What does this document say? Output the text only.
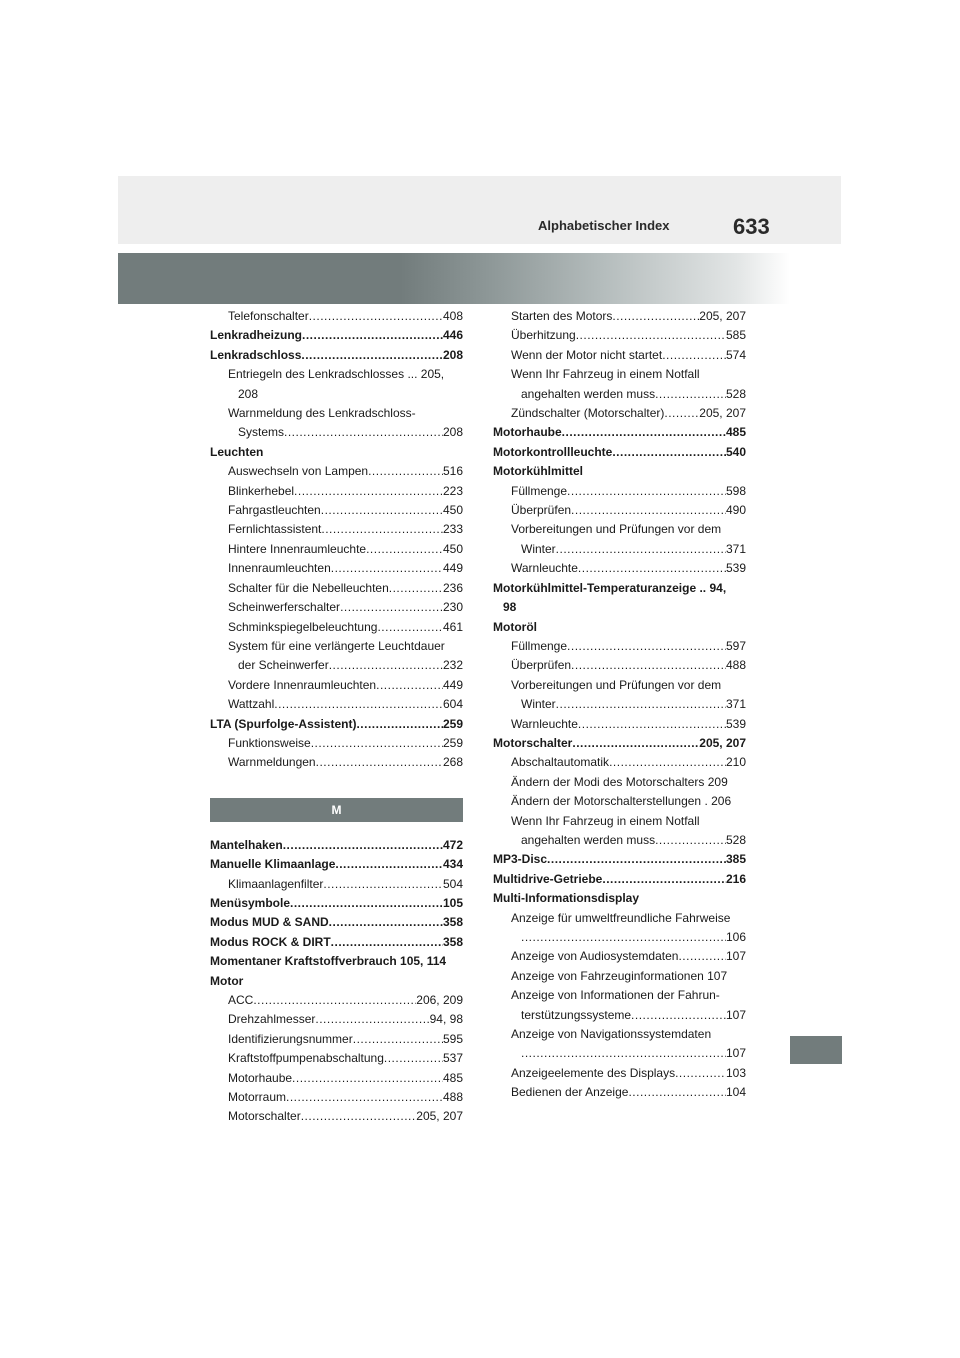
Alphabetischer Index	633
Telefonschalter .....	408
Lenkradheizung .....	446
Lenkradschloss .....	208
Entriegeln des Lenkradschlosses ... 205,
208
Warnmeldung des Lenkradschloss-
Systems .....	208
Leuchten
Auswechseln von Lampen .....	516
Blinkerhebel .....	223
Fahrgastleuchten .....	450
Fernlichtassistent .....	233
Hintere Innenraumleuchte .....	450
Innenraumleuchten .....	449
Schalter für die Nebelleuchten .....	236
Scheinwerferschalter .....	230
Schminkspiegelbeleuchtung .....	461
System für eine verlängerte Leuchtdauer
der Scheinwerfer .....	232
Vordere Innenraumleuchten .....	449
Wattzahl .....	604
LTA (Spurfolge-Assistent) .....	259
Funktionsweise .....	259
Warnmeldungen .....	268
M
Mantelhaken .....	472
Manuelle Klimaanlage .....	434
Klimaanlagenfilter .....	504
Menüsymbole .....	105
Modus MUD & SAND .....	358
Modus ROCK & DIRT .....	358
Momentaner Kraftstoffverbrauch 105, 114
Motor
ACC .....	206, 209
Drehzahlmesser .....	94, 98
Identifizierungsnummer .....	595
Kraftstoffpumpenabschaltung .....	537
Motorhaube .....	485
Motorraum .....	488
Motorschalter .....	205, 207
Starten des Motors .....	205, 207
Überhitzung .....	585
Wenn der Motor nicht startet .....	574
Wenn Ihr Fahrzeug in einem Notfall
angehalten werden muss .....	528
Zündschalter (Motorschalter) .....	205, 207
Motorhaube .....	485
Motorkontrollleuchte .....	540
Motorkühlmittel
Füllmenge .....	598
Überprüfen .....	490
Vorbereitungen und Prüfungen vor dem
Winter .....	371
Warnleuchte .....	539
Motorkühlmittel-Temperaturanzeige .. 94,
98
Motoröl
Füllmenge .....	597
Überprüfen .....	488
Vorbereitungen und Prüfungen vor dem
Winter .....	371
Warnleuchte .....	539
Motorschalter .....	205, 207
Abschaltautomatik .....	210
Ändern der Modi des Motorschalters 209
Ändern der Motorschalterstellungen . 206
Wenn Ihr Fahrzeug in einem Notfall
angehalten werden muss .....	528
MP3-Disc .....	385
Multidrive-Getriebe .....	216
Multi-Informationsdisplay
Anzeige für umweltfreundliche Fahrweise
.....
106
Anzeige von Audiosystemdaten .....	107
Anzeige von Fahrzeuginformationen 107
Anzeige von Informationen der Fahrun-
terstützungssysteme .....	107
Anzeige von Navigationssystemdaten
.....
107
Anzeigeelemente des Displays .....	103
Bedienen der Anzeige .....	104
